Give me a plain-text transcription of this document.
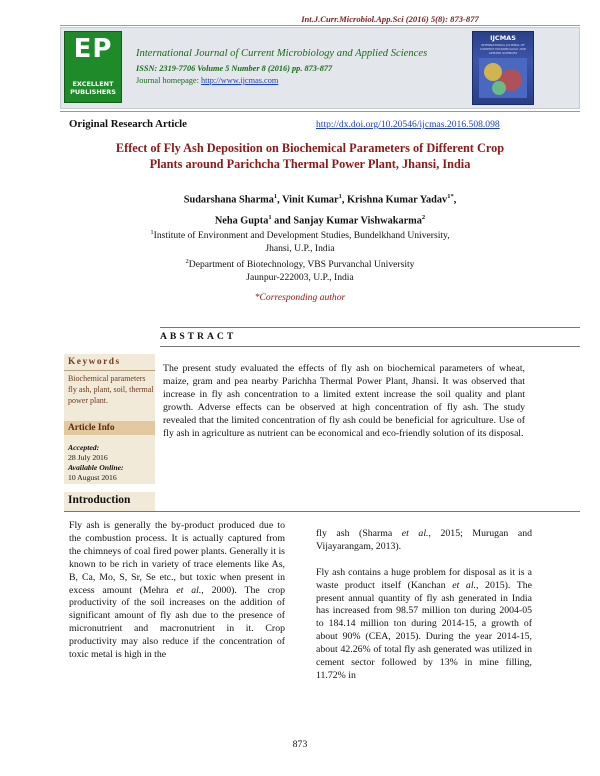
Int.J.Curr.Microbiol.App.Sci (2016) 5(8): 873-877
EP
EXCELLENT
PUBLISHERS
International Journal of Current Microbiology and Applied Sciences
ISSN: 2319-7706 Volume 5 Number 8 (2016) pp. 873-877
Journal homepage: http://www.ijcmas.com
IJCMAS
INTERNATIONAL JOURNAL OF CURRENT MICROBIOLOGY AND APPLIED SCIENCES
Original Research Article	http://dx.doi.org/10.20546/ijcmas.2016.508.098
Effect of Fly Ash Deposition on Biochemical Parameters of Different Crop
Plants around Parichcha Thermal Power Plant, Jhansi, India
Sudarshana Sharma$^1$, Vinit Kumar$^1$, Krishna Kumar Yadav$^{1*}$,
Neha Gupta$^1$ and Sanjay Kumar Vishwakarma$^2$
$^1$Institute of Environment and Development Studies, Bundelkhand University,
Jhansi, U.P., India
$^2$Department of Biotechnology, VBS Purvanchal University
Jaunpur-222003, U.P., India
*Corresponding author
ABSTRACT
Keywords
Biochemical parameters fly ash, plant, soil, thermal power plant.
Article Info
Accepted:
28 July 2016
Available Online:
10 August 2016
The present study evaluated the effects of fly ash on biochemical parameters of wheat, maize, gram and pea nearby Parichha Thermal Power Plant, Jhansi. It was observed that increase in fly ash concentration to a limited extent increase the soil quality and plant growth. Adverse effects can be observed at high concentration of fly ash. The study revealed that the limited concentration of fly ash could be beneficial for agriculture. Use of fly ash in agriculture as nutrient can be economical and eco-friendly solution of its disposal.
Introduction

Fly ash is generally the by-product produced due to the combustion process. It is actually captured from the chimneys of coal fired power plants. Generally it is known to be rich in variety of trace elements like As, B, Ca, Mo, S, Sr, Se etc., but toxic when present in excess amount (Mehra et al., 2000). The crop productivity of the soil increases on the addition of significant amount of fly ash due to the presence of micronutrient and macronutrient in it. Crop productivity may also reduce if the concentration of toxic metal is high in the

fly ash (Sharma et al., 2015; Murugan and Vijayarangam, 2013).

Fly ash contains a huge problem for disposal as it is a waste product itself (Kanchan et al., 2015). The present annual quantity of fly ash generated in India has increased from 98.57 million ton during 2004-05 to 184.14 million ton during 2014-15, a growth of about 90% (CEA, 2015). During the year 2014-15, about 42.26% of total fly ash generated was utilized in cement sector followed by 13% in mine filling, 11.72% in

873
